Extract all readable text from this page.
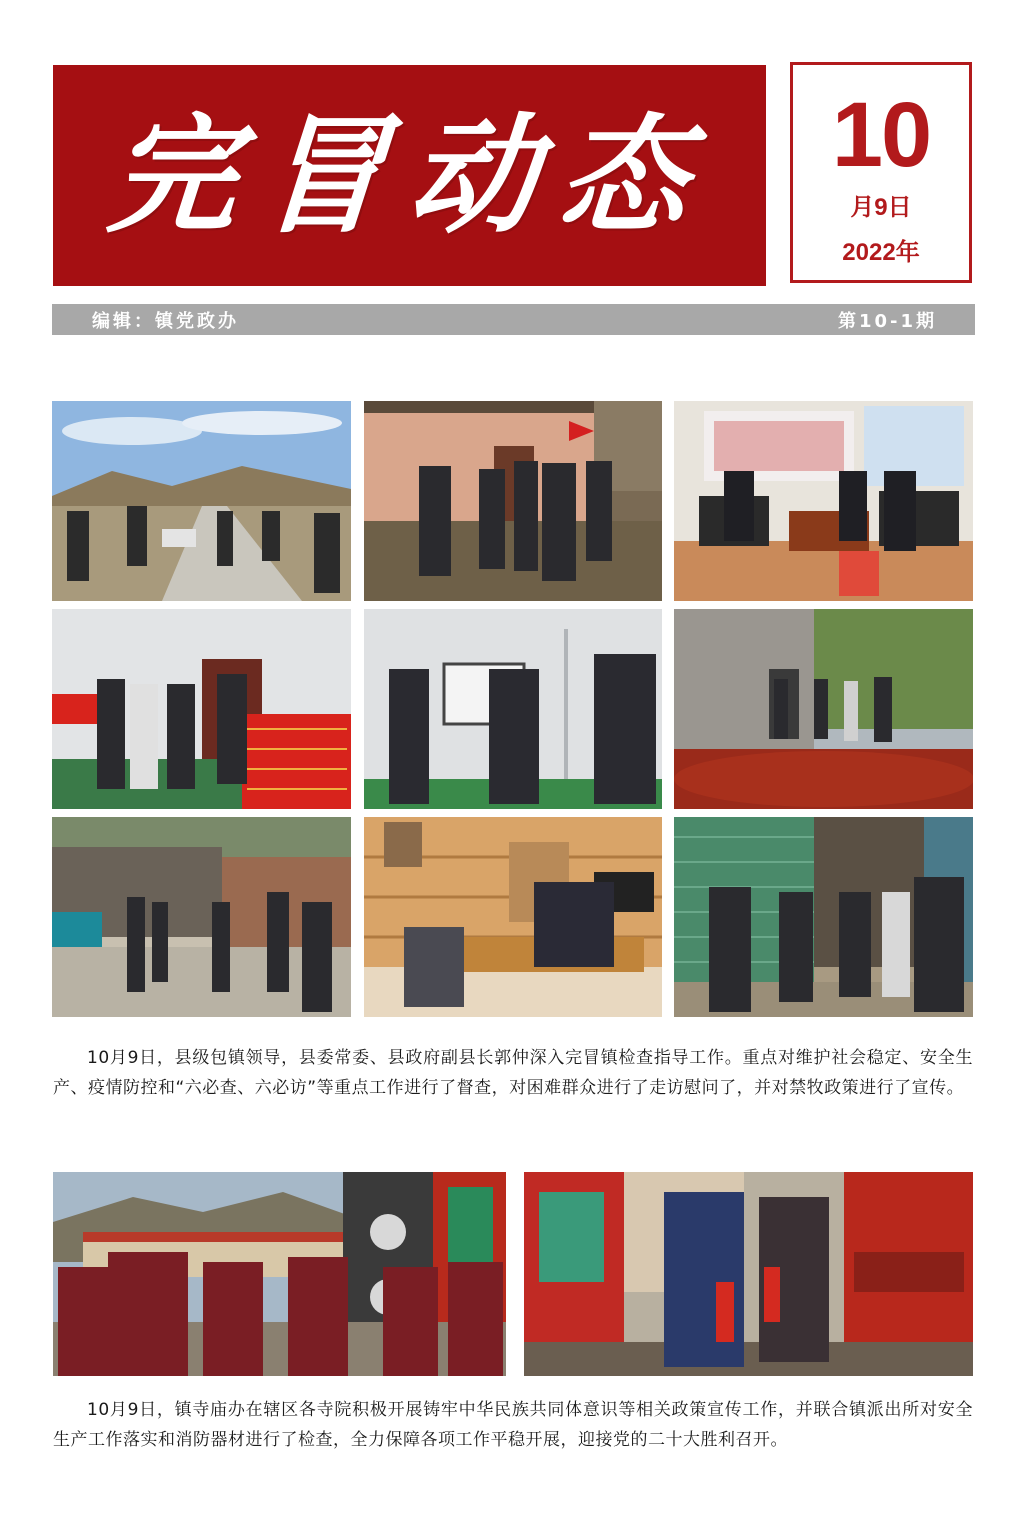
完冒动态	10
月9日
2022年
编辑：镇党政办	第10-1期

10月9日，县级包镇领导，县委常委、县政府副县长郭仲深入完冒镇检查指导工作。重点对维护社会稳定、安全生产、疫情防控和“六必查、六必访”等重点工作进行了督查，对困难群众进行了走访慰问了，并对禁牧政策进行了宣传。

10月9日，镇寺庙办在辖区各寺院积极开展铸牢中华民族共同体意识等相关政策宣传工作，并联合镇派出所对安全生产工作落实和消防器材进行了检查，全力保障各项工作平稳开展，迎接党的二十大胜利召开。
